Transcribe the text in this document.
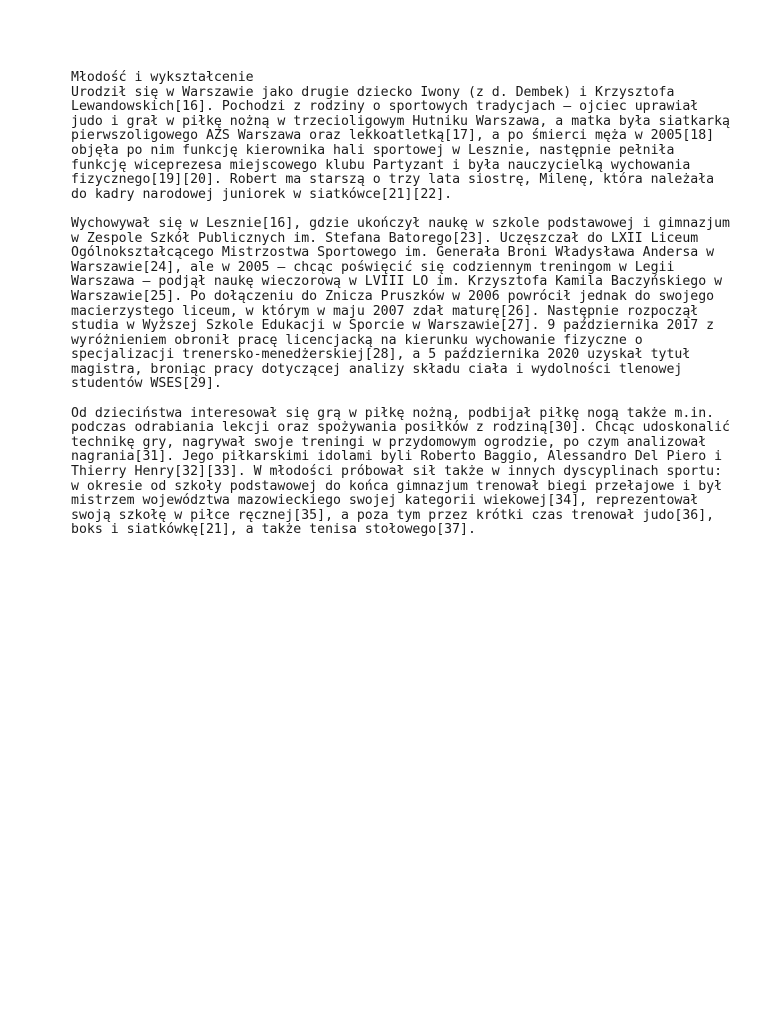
Młodość i wykształcenie
Urodził się w Warszawie jako drugie dziecko Iwony (z d. Dembek) i Krzysztofa
Lewandowskich[16]. Pochodzi z rodziny o sportowych tradycjach – ojciec uprawiał
judo i grał w piłkę nożną w trzecioligowym Hutniku Warszawa, a matka była siatkarką
pierwszoligowego AZS Warszawa oraz lekkoatletką[17], a po śmierci męża w 2005[18]
objęła po nim funkcję kierownika hali sportowej w Lesznie, następnie pełniła
funkcję wiceprezesa miejscowego klubu Partyzant i była nauczycielką wychowania
fizycznego[19][20]. Robert ma starszą o trzy lata siostrę, Milenę, która należała
do kadry narodowej juniorek w siatkówce[21][22].
Wychowywał się w Lesznie[16], gdzie ukończył naukę w szkole podstawowej i gimnazjum
w Zespole Szkół Publicznych im. Stefana Batorego[23]. Uczęszczał do LXII Liceum
Ogólnokształcącego Mistrzostwa Sportowego im. Generała Broni Władysława Andersa w
Warszawie[24], ale w 2005 – chcąc poświęcić się codziennym treningom w Legii
Warszawa – podjął naukę wieczorową w LVIII LO im. Krzysztofa Kamila Baczyńskiego w
Warszawie[25]. Po dołączeniu do Znicza Pruszków w 2006 powrócił jednak do swojego
macierzystego liceum, w którym w maju 2007 zdał maturę[26]. Następnie rozpoczął
studia w Wyższej Szkole Edukacji w Sporcie w Warszawie[27]. 9 października 2017 z
wyróżnieniem obronił pracę licencjacką na kierunku wychowanie fizyczne o
specjalizacji trenersko-menedżerskiej[28], a 5 października 2020 uzyskał tytuł
magistra, broniąc pracy dotyczącej analizy składu ciała i wydolności tlenowej
studentów WSES[29].
Od dzieciństwa interesował się grą w piłkę nożną, podbijał piłkę nogą także m.in.
podczas odrabiania lekcji oraz spożywania posiłków z rodziną[30]. Chcąc udoskonalić
technikę gry, nagrywał swoje treningi w przydomowym ogrodzie, po czym analizował
nagrania[31]. Jego piłkarskimi idolami byli Roberto Baggio, Alessandro Del Piero i
Thierry Henry[32][33]. W młodości próbował sił także w innych dyscyplinach sportu:
w okresie od szkoły podstawowej do końca gimnazjum trenował biegi przełajowe i był
mistrzem województwa mazowieckiego swojej kategorii wiekowej[34], reprezentował
swoją szkołę w piłce ręcznej[35], a poza tym przez krótki czas trenował judo[36],
boks i siatkówkę[21], a także tenisa stołowego[37].
